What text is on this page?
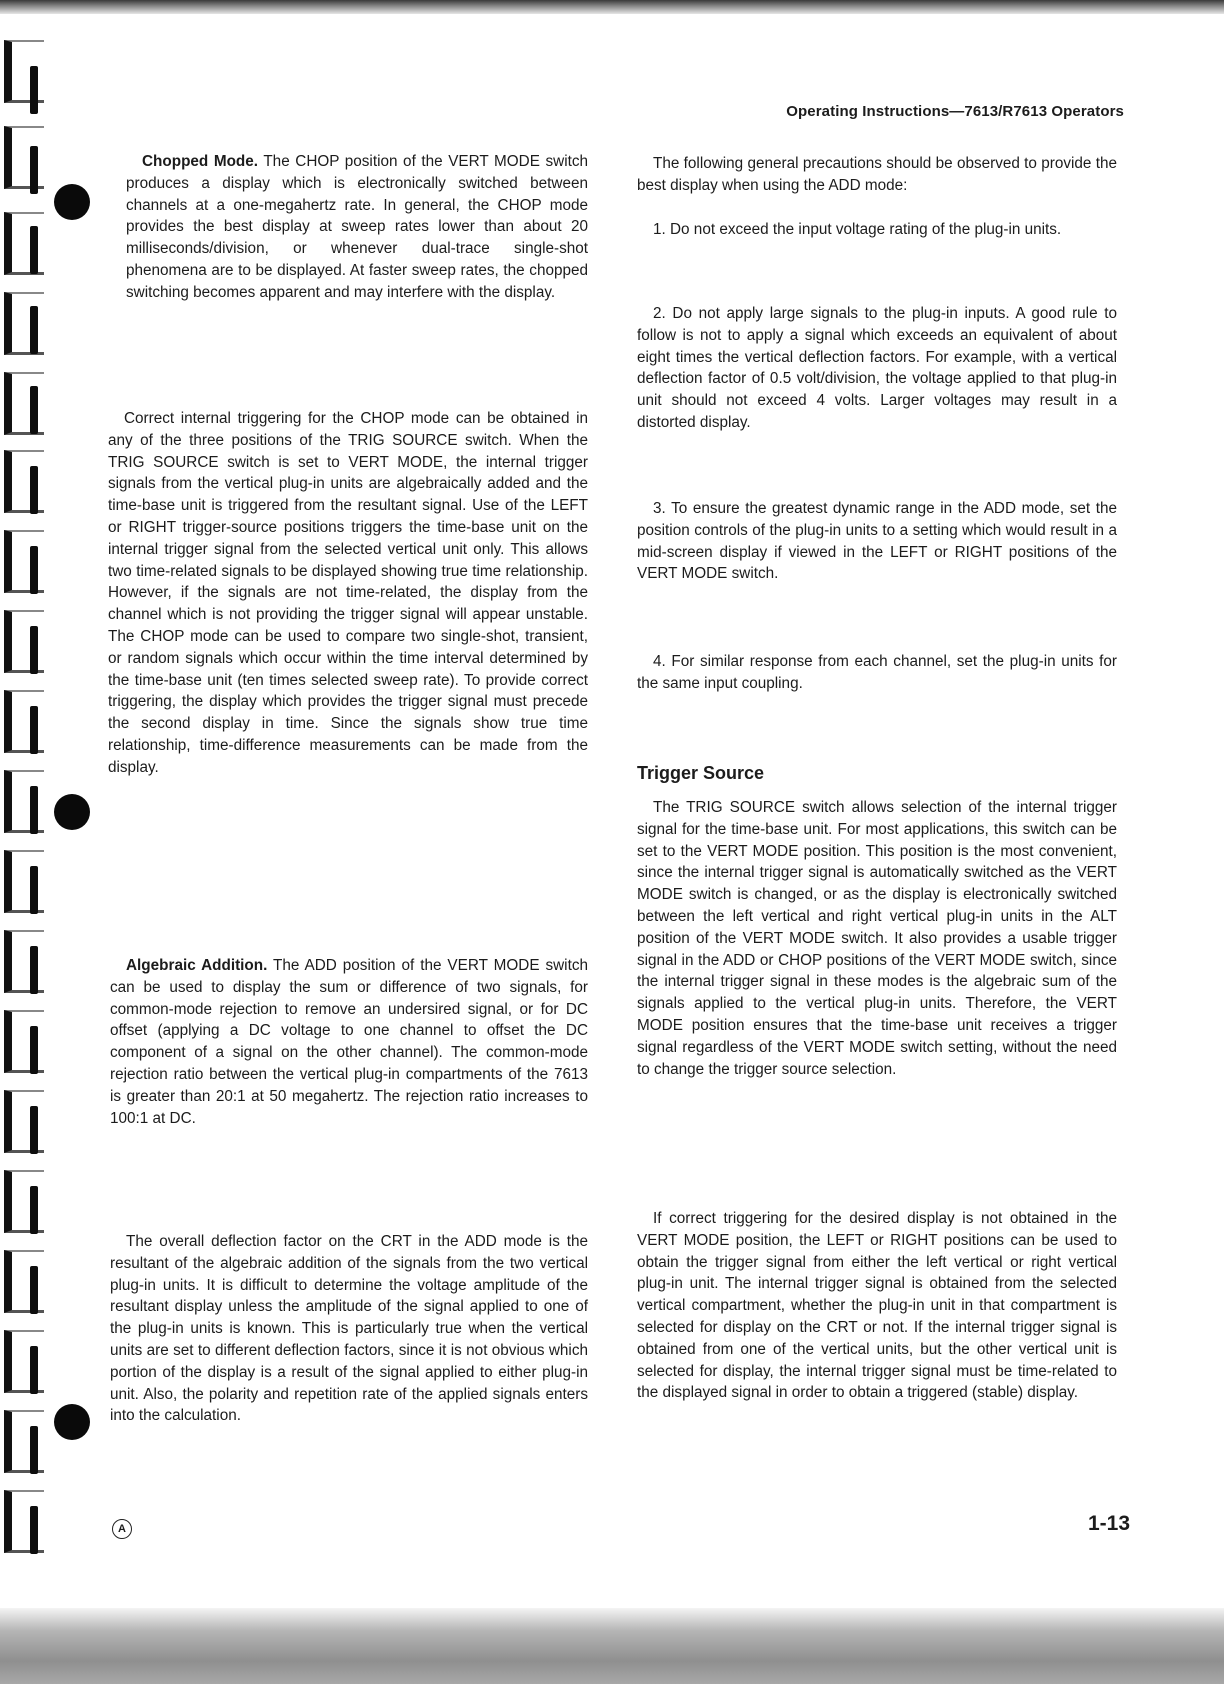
Operating Instructions—7613/R7613 Operators

Chopped Mode. The CHOP position of the VERT MODE switch produces a display which is electronically switched between channels at a one-megahertz rate. In general, the CHOP mode provides the best display at sweep rates lower than about 20 milliseconds/division, or whenever dual-trace single-shot phenomena are to be displayed. At faster sweep rates, the chopped switching becomes apparent and may interfere with the display.

Correct internal triggering for the CHOP mode can be obtained in any of the three positions of the TRIG SOURCE switch. When the TRIG SOURCE switch is set to VERT MODE, the internal trigger signals from the vertical plug-in units are algebraically added and the time-base unit is triggered from the resultant signal. Use of the LEFT or RIGHT trigger-source positions triggers the time-base unit on the internal trigger signal from the selected vertical unit only. This allows two time-related signals to be displayed showing true time relationship. However, if the signals are not time-related, the display from the channel which is not providing the trigger signal will appear unstable. The CHOP mode can be used to compare two single-shot, transient, or random signals which occur within the time interval determined by the time-base unit (ten times selected sweep rate). To provide correct triggering, the display which provides the trigger signal must precede the second display in time. Since the signals show true time relationship, time-difference measurements can be made from the display.

Algebraic Addition. The ADD position of the VERT MODE switch can be used to display the sum or difference of two signals, for common-mode rejection to remove an undersired signal, or for DC offset (applying a DC voltage to one channel to offset the DC component of a signal on the other channel). The common-mode rejection ratio between the vertical plug-in compartments of the 7613 is greater than 20:1 at 50 megahertz. The rejection ratio increases to 100:1 at DC.

The overall deflection factor on the CRT in the ADD mode is the resultant of the algebraic addition of the signals from the two vertical plug-in units. It is difficult to determine the voltage amplitude of the resultant display unless the amplitude of the signal applied to one of the plug-in units is known. This is particularly true when the vertical units are set to different deflection factors, since it is not obvious which portion of the display is a result of the signal applied to either plug-in unit. Also, the polarity and repetition rate of the applied signals enters into the calculation.

The following general precautions should be observed to provide the best display when using the ADD mode:

1. Do not exceed the input voltage rating of the plug-in units.

2. Do not apply large signals to the plug-in inputs. A good rule to follow is not to apply a signal which exceeds an equivalent of about eight times the vertical deflection factors. For example, with a vertical deflection factor of 0.5 volt/division, the voltage applied to that plug-in unit should not exceed 4 volts. Larger voltages may result in a distorted display.

3. To ensure the greatest dynamic range in the ADD mode, set the position controls of the plug-in units to a setting which would result in a mid-screen display if viewed in the LEFT or RIGHT positions of the VERT MODE switch.

4. For similar response from each channel, set the plug-in units for the same input coupling.

Trigger Source

The TRIG SOURCE switch allows selection of the internal trigger signal for the time-base unit. For most applications, this switch can be set to the VERT MODE position. This position is the most convenient, since the internal trigger signal is automatically switched as the VERT MODE switch is changed, or as the display is electronically switched between the left vertical and right vertical plug-in units in the ALT position of the VERT MODE switch. It also provides a usable trigger signal in the ADD or CHOP positions of the VERT MODE switch, since the internal trigger signal in these modes is the algebraic sum of the signals applied to the vertical plug-in units. Therefore, the VERT MODE position ensures that the time-base unit receives a trigger signal regardless of the VERT MODE switch setting, without the need to change the trigger source selection.

If correct triggering for the desired display is not obtained in the VERT MODE position, the LEFT or RIGHT positions can be used to obtain the trigger signal from either the left vertical or right vertical plug-in unit. The internal trigger signal is obtained from the selected vertical compartment, whether the plug-in unit in that compartment is selected for display on the CRT or not. If the internal trigger signal is obtained from one of the vertical units, but the other vertical unit is selected for display, the internal trigger signal must be time-related to the displayed signal in order to obtain a triggered (stable) display.

A	1-13
